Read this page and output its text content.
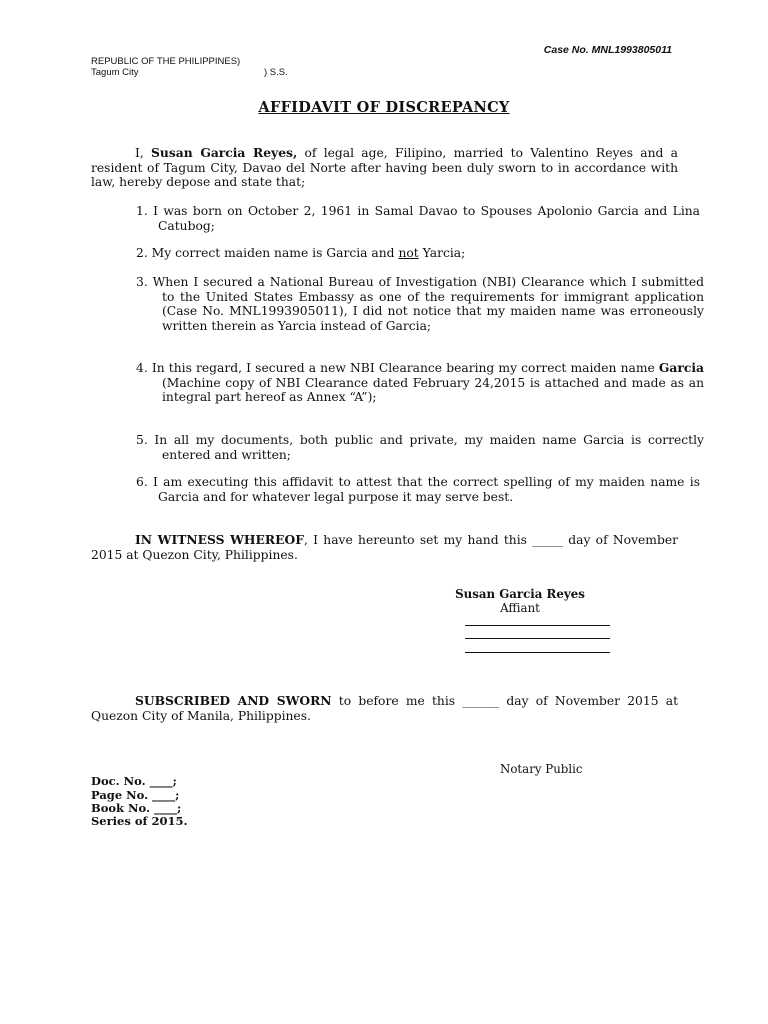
Case No. MNL1993805011
REPUBLIC OF THE PHILIPPINES)
Tagum City	) S.S.
AFFIDAVIT OF DISCREPANCY

I, Susan Garcia Reyes, of legal age, Filipino, married to Valentino Reyes and a resident of Tagum City, Davao del Norte after having been duly sworn to in accordance with law, hereby depose and state that;

1. I was born on October 2, 1961 in Samal Davao to Spouses Apolonio Garcia and Lina Catubog;

2. My correct maiden name is Garcia and not Yarcia;

3. When I secured a National Bureau of Investigation (NBI) Clearance which I submitted to the United States Embassy as one of the requirements for immigrant application (Case No. MNL1993905011), I did not notice that my maiden name was erroneously written therein as Yarcia instead of Garcia;

4. In this regard, I secured a new NBI Clearance bearing my correct maiden name Garcia (Machine copy of NBI Clearance dated February 24,2015 is attached and made as an integral part hereof as Annex “A”);

5. In all my documents, both public and private, my maiden name Garcia is correctly entered and written;

6. I am executing this affidavit to attest that the correct spelling of my maiden name is Garcia and for whatever legal purpose it may serve best.

IN WITNESS WHEREOF, I have hereunto set my hand this _____ day of November 2015 at Quezon City, Philippines.

Susan Garcia Reyes
Affiant

SUBSCRIBED AND SWORN to before me this ______ day of November 2015 at Quezon City of Manila, Philippines.

Notary Public
Doc. No. ____;
Page No. ____;
Book No. ____;
Series of 2015.
